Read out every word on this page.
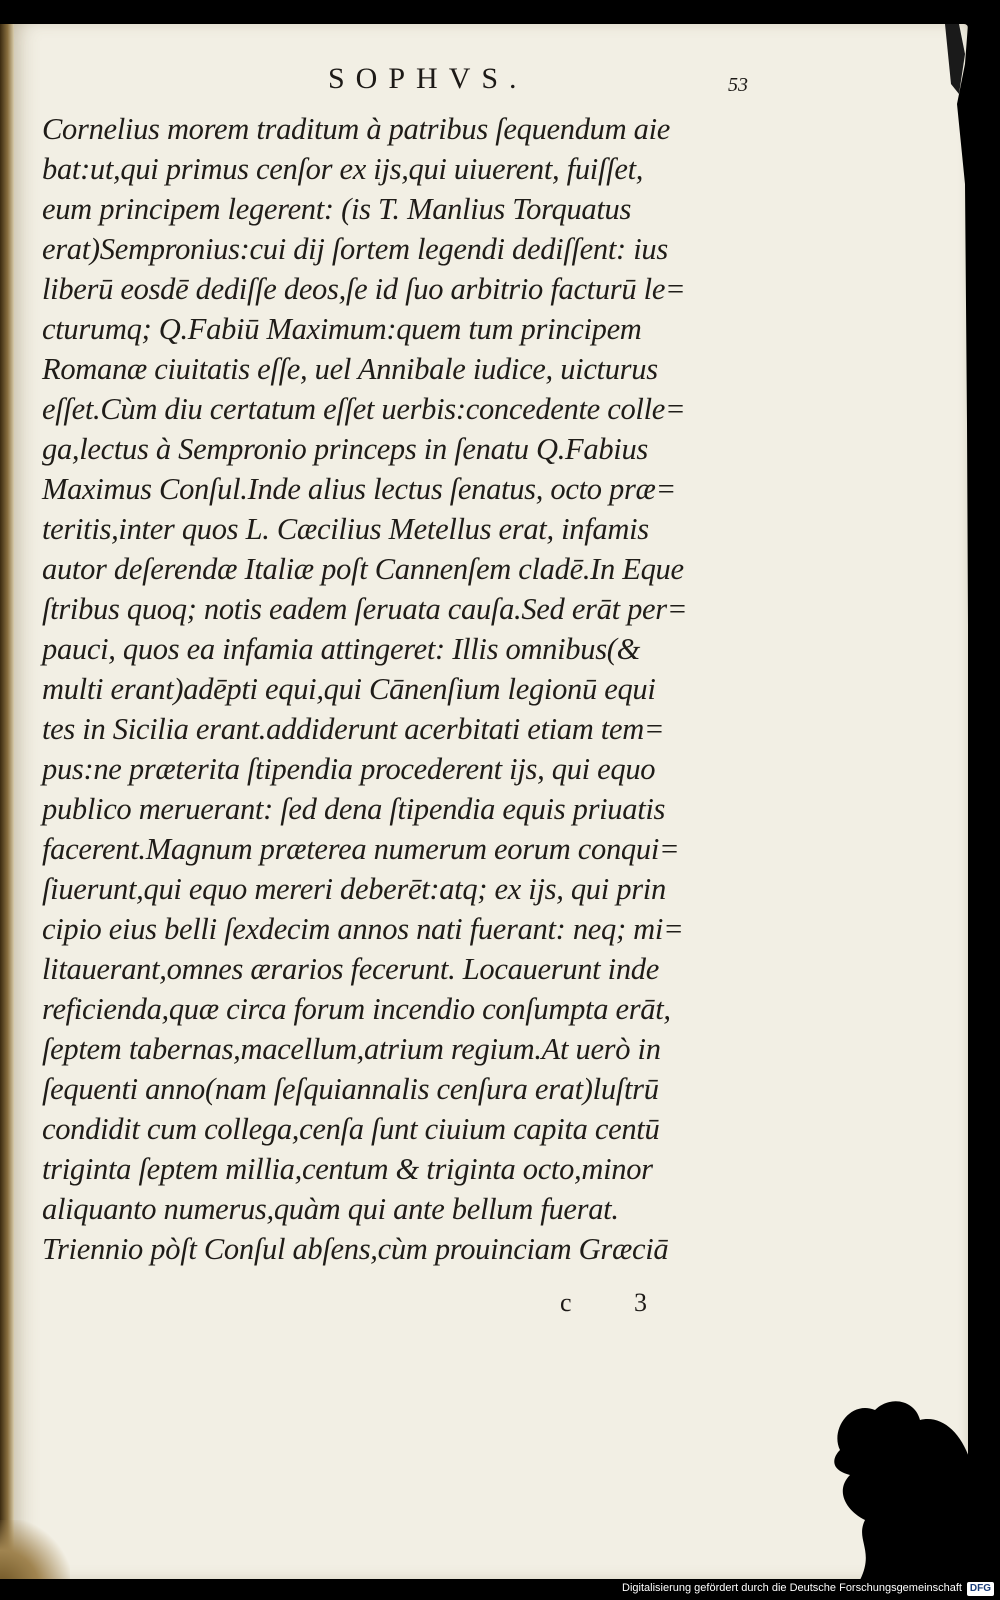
SOPHVS.	53
Cornelius morem traditum à patribus ſequendum aie
bat:ut,qui primus cenſor ex ijs,qui uiuerent, fuiſſet,
eum principem legerent: (is T. Manlius Torquatus
erat)Sempronius:cui dij ſortem legendi dediſſent: ius
liberū eosdē dediſſe deos,ſe id ſuo arbitrio facturū le=
cturumq; Q.Fabiū Maximum:quem tum principem
Romanæ ciuitatis eſſe, uel Annibale iudice, uicturus
eſſet.Cùm diu certatum eſſet uerbis:concedente colle=
ga,lectus à Sempronio princeps in ſenatu Q.Fabius
Maximus Conſul.Inde alius lectus ſenatus, octo præ=
teritis,inter quos L. Cæcilius Metellus erat, infamis
autor deſerendæ Italiæ poſt Cannenſem cladē.In Eque
ſtribus quoq; notis eadem ſeruata cauſa.Sed erāt per=
pauci, quos ea infamia attingeret: Illis omnibus(&
multi erant)adēpti equi,qui Cānenſium legionū equi
tes in Sicilia erant.addiderunt acerbitati etiam tem=
pus:ne præterita ſtipendia procederent ijs, qui equo
publico meruerant: ſed dena ſtipendia equis priuatis
facerent.Magnum præterea numerum eorum conqui=
ſiuerunt,qui equo mereri deberēt:atq; ex ijs, qui prin
cipio eius belli ſexdecim annos nati fuerant: neq; mi=
litauerant,omnes ærarios fecerunt. Locauerunt inde
reficienda,quæ circa forum incendio conſumpta erāt,
ſeptem tabernas,macellum,atrium regium.At uerò in
ſequenti anno(nam ſeſquiannalis cenſura erat)luſtrū
condidit cum collega,cenſa ſunt ciuium capita centū
triginta ſeptem millia,centum & triginta octo,minor
aliquanto numerus,quàm qui ante bellum fuerat.
Triennio pòſt Conſul abſens,cùm prouinciam Græciā
c 3
Digitalisierung gefördert durch die Deutsche Forschungsgemeinschaft DFG
